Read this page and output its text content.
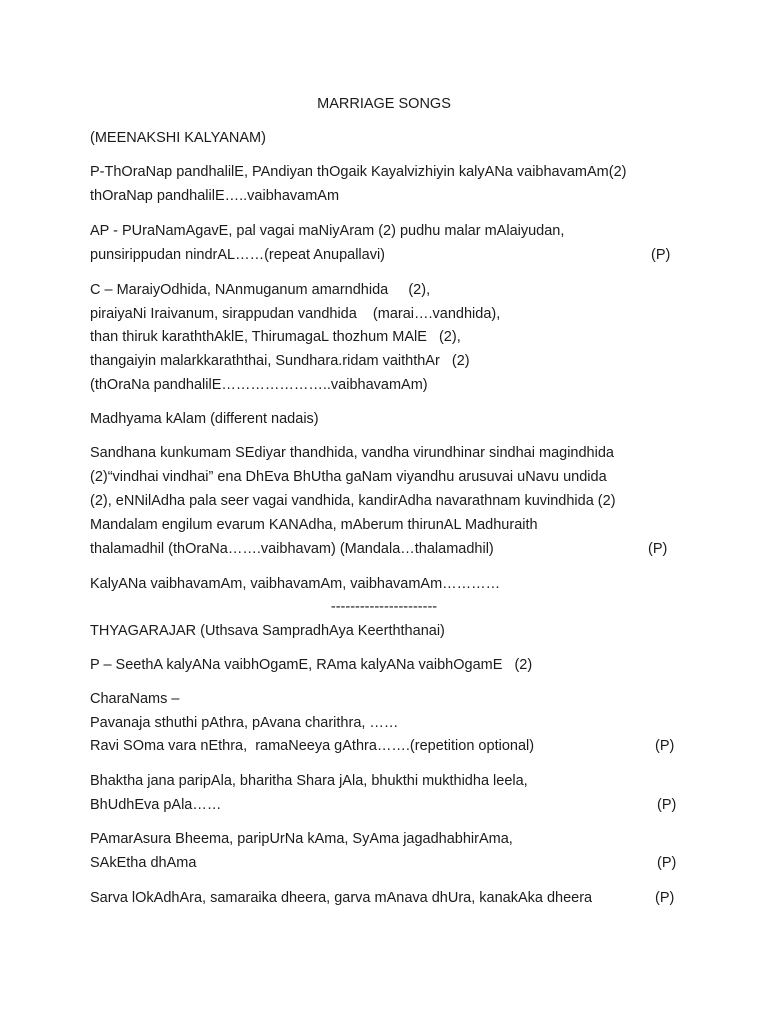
MARRIAGE SONGS
(MEENAKSHI KALYANAM)
P-ThOraNap pandhalilE, PAndiyan thOgaik Kayalvizhiyin kalyANa vaibhavamAm(2)
thOraNap pandhalilE…..vaibhavamAm
AP - PUraNamAgavE, pal vagai maNiyAram (2) pudhu malar mAlaiyudan,
punsirippudan nindrAL……(repeat Anupallavi)	(P)
C – MaraiyOdhida, NAnmuganum amarndhida     (2),
piraiyaNi Iraivanum, sirappudan vandhida    (marai….vandhida),
than thiruk karaththAklE, ThirumagaL thozhum MAlE   (2),
thangaiyin malarkkaraththai, Sundhara.ridam vaiththAr   (2)
(thOraNa pandhalilE…………………..vaibhavamAm)
Madhyama kAlam (different nadais)
Sandhana kunkumam SEdiyar thandhida, vandha virundhinar sindhai magindhida
(2)“vindhai vindhai” ena DhEva BhUtha gaNam viyandhu arusuvai uNavu undida
(2), eNNilAdha pala seer vagai vandhida, kandirAdha navarathnam kuvindhida (2)
Mandalam engilum evarum KANAdha, mAberum thirunAL Madhuraith
thalamadhil (thOraNa…….vaibhavam) (Mandala…thalamadhil)	(P)
KalyANa vaibhavamAm, vaibhavamAm, vaibhavamAm…………
----------------------
THYAGARAJAR (Uthsava SampradhAya Keerththanai)
P – SeethA kalyANa vaibhOgamE, RAma kalyANa vaibhOgamE   (2)
CharaNams –
Pavanaja sthuthi pAthra, pAvana charithra, ……
Ravi SOma vara nEthra,  ramaNeeya gAthra…….(repetition optional)	(P)
Bhaktha jana paripAla, bharitha Shara jAla, bhukthi mukthidha leela,
BhUdhEva pAla……	(P)
PAmarAsura Bheema, paripUrNa kAma, SyAma jagadhabhirAma,
SAkEtha dhAma	(P)
Sarva lOkAdhAra, samaraika dheera, garva mAnava dhUra, kanakAka dheera	(P)
